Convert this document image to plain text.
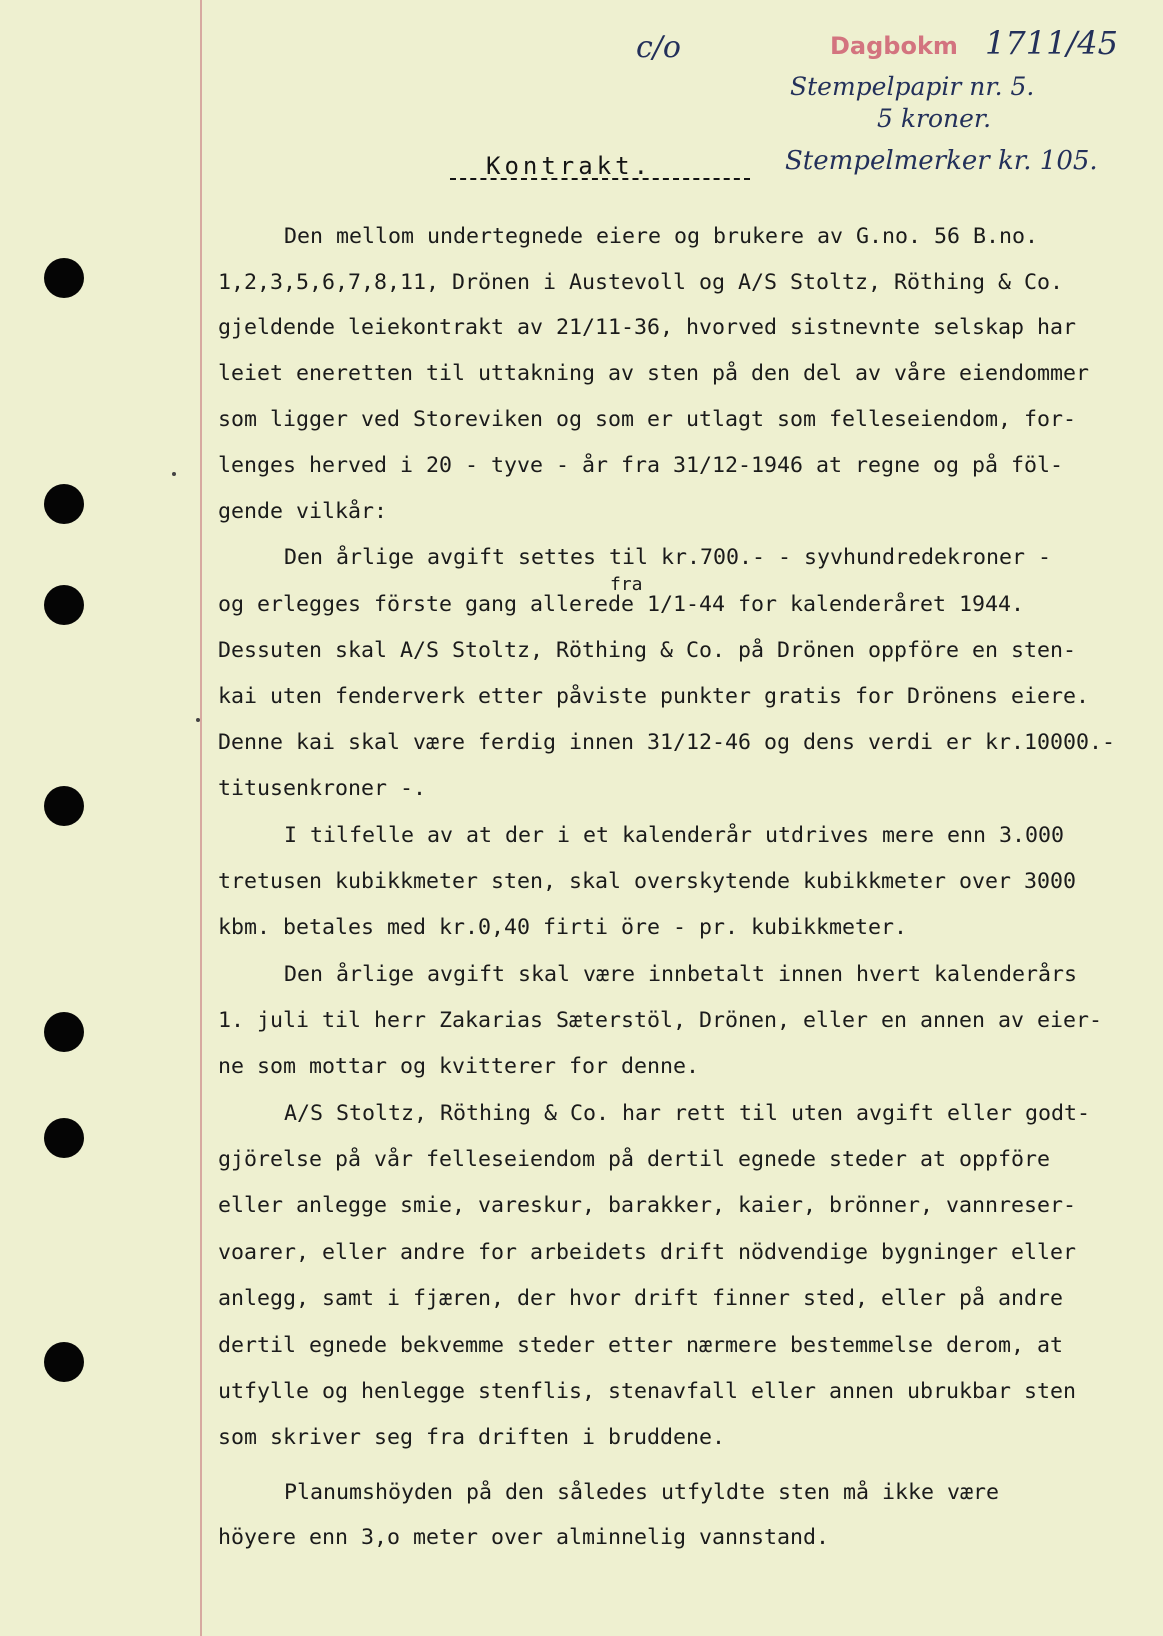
c/o	Dagbokm 1711/45
Stempelpapir nr. 5.
5 kroner.
Stempelmerker kr. 105.
Kontrakt.
Den mellom undertegnede eiere og brukere av G.no. 56 B.no.
1,2,3,5,6,7,8,11, Drönen i Austevoll og A/S Stoltz, Röthing & Co.
gjeldende leiekontrakt av 21/11-36, hvorved sistnevnte selskap har
leiet eneretten til uttakning av sten på den del av våre eiendommer
som ligger ved Storeviken og som er utlagt som felleseiendom, for-
lenges herved i 20 - tyve - år fra 31/12-1946 at regne og på föl-
gende vilkår:
Den årlige avgift settes til kr.700.- - syvhundredekroner -
fra
og erlegges förste gang allerede 1/1-44 for kalenderåret 1944.
Dessuten skal A/S Stoltz, Röthing & Co. på Drönen oppföre en sten-
kai uten fenderverk etter påviste punkter gratis for Drönens eiere.
Denne kai skal være ferdig innen 31/12-46 og dens verdi er kr.10000.-
titusenkroner -.
I tilfelle av at der i et kalenderår utdrives mere enn 3.000
tretusen kubikkmeter sten, skal overskytende kubikkmeter over 3000
kbm. betales med kr.0,40 firti öre - pr. kubikkmeter.
Den årlige avgift skal være innbetalt innen hvert kalenderårs
1. juli til herr Zakarias Sæterstöl, Drönen, eller en annen av eier-
ne som mottar og kvitterer for denne.
A/S Stoltz, Röthing & Co. har rett til uten avgift eller godt-
gjörelse på vår felleseiendom på dertil egnede steder at oppföre
eller anlegge smie, vareskur, barakker, kaier, brönner, vannreser-
voarer, eller andre for arbeidets drift nödvendige bygninger eller
anlegg, samt i fjæren, der hvor drift finner sted, eller på andre
dertil egnede bekvemme steder etter nærmere bestemmelse derom, at
utfylle og henlegge stenflis, stenavfall eller annen ubrukbar sten
som skriver seg fra driften i bruddene.
Planumshöyden på den således utfyldte sten må ikke være
höyere enn 3,o meter over alminnelig vannstand.
